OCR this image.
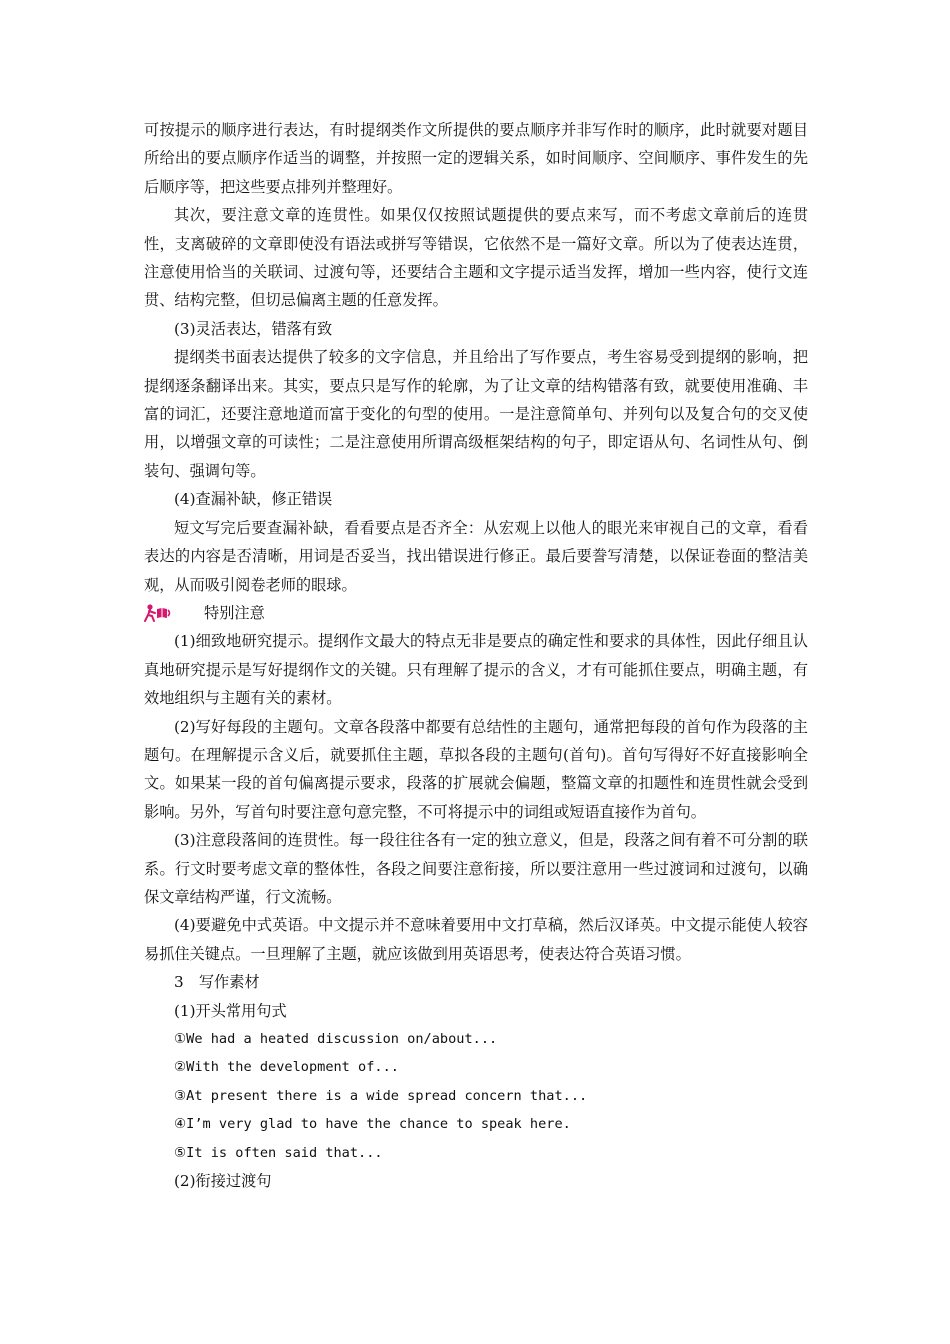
可按提示的顺序进行表达，有时提纲类作文所提供的要点顺序并非写作时的顺序，此时就要对题目所给出的要点顺序作适当的调整，并按照一定的逻辑关系，如时间顺序、空间顺序、事件发生的先后顺序等，把这些要点排列并整理好。

其次，要注意文章的连贯性。如果仅仅按照试题提供的要点来写，而不考虑文章前后的连贯性，支离破碎的文章即使没有语法或拼写等错误，它依然不是一篇好文章。所以为了使表达连贯，注意使用恰当的关联词、过渡句等，还要结合主题和文字提示适当发挥，增加一些内容，使行文连贯、结构完整，但切忌偏离主题的任意发挥。

(3)灵活表达，错落有致

提纲类书面表达提供了较多的文字信息，并且给出了写作要点，考生容易受到提纲的影响，把提纲逐条翻译出来。其实，要点只是写作的轮廓，为了让文章的结构错落有致，就要使用准确、丰富的词汇，还要注意地道而富于变化的句型的使用。一是注意简单句、并列句以及复合句的交叉使用，以增强文章的可读性；二是注意使用所谓高级框架结构的句子，即定语从句、名词性从句、倒装句、强调句等。

(4)查漏补缺，修正错误

短文写完后要查漏补缺，看看要点是否齐全：从宏观上以他人的眼光来审视自己的文章，看看表达的内容是否清晰，用词是否妥当，找出错误进行修正。最后要誊写清楚，以保证卷面的整洁美观，从而吸引阅卷老师的眼球。

特别注意

(1)细致地研究提示。提纲作文最大的特点无非是要点的确定性和要求的具体性，因此仔细且认真地研究提示是写好提纲作文的关键。只有理解了提示的含义，才有可能抓住要点，明确主题，有效地组织与主题有关的素材。

(2)写好每段的主题句。文章各段落中都要有总结性的主题句，通常把每段的首句作为段落的主题句。在理解提示含义后，就要抓住主题，草拟各段的主题句(首句)。首句写得好不好直接影响全文。如果某一段的首句偏离提示要求，段落的扩展就会偏题，整篇文章的扣题性和连贯性就会受到影响。另外，写首句时要注意句意完整，不可将提示中的词组或短语直接作为首句。

(3)注意段落间的连贯性。每一段往往各有一定的独立意义，但是，段落之间有着不可分割的联系。行文时要考虑文章的整体性，各段之间要注意衔接，所以要注意用一些过渡词和过渡句，以确保文章结构严谨，行文流畅。

(4)要避免中式英语。中文提示并不意味着要用中文打草稿，然后汉译英。中文提示能使人较容易抓住关键点。一旦理解了主题，就应该做到用英语思考，使表达符合英语习惯。

3　写作素材

(1)开头常用句式

①We had a heated discussion on/about...

②With the development of...

③At present there is a wide spread concern that...

④I’m very glad to have the chance to speak here.

⑤It is often said that...

(2)衔接过渡句
